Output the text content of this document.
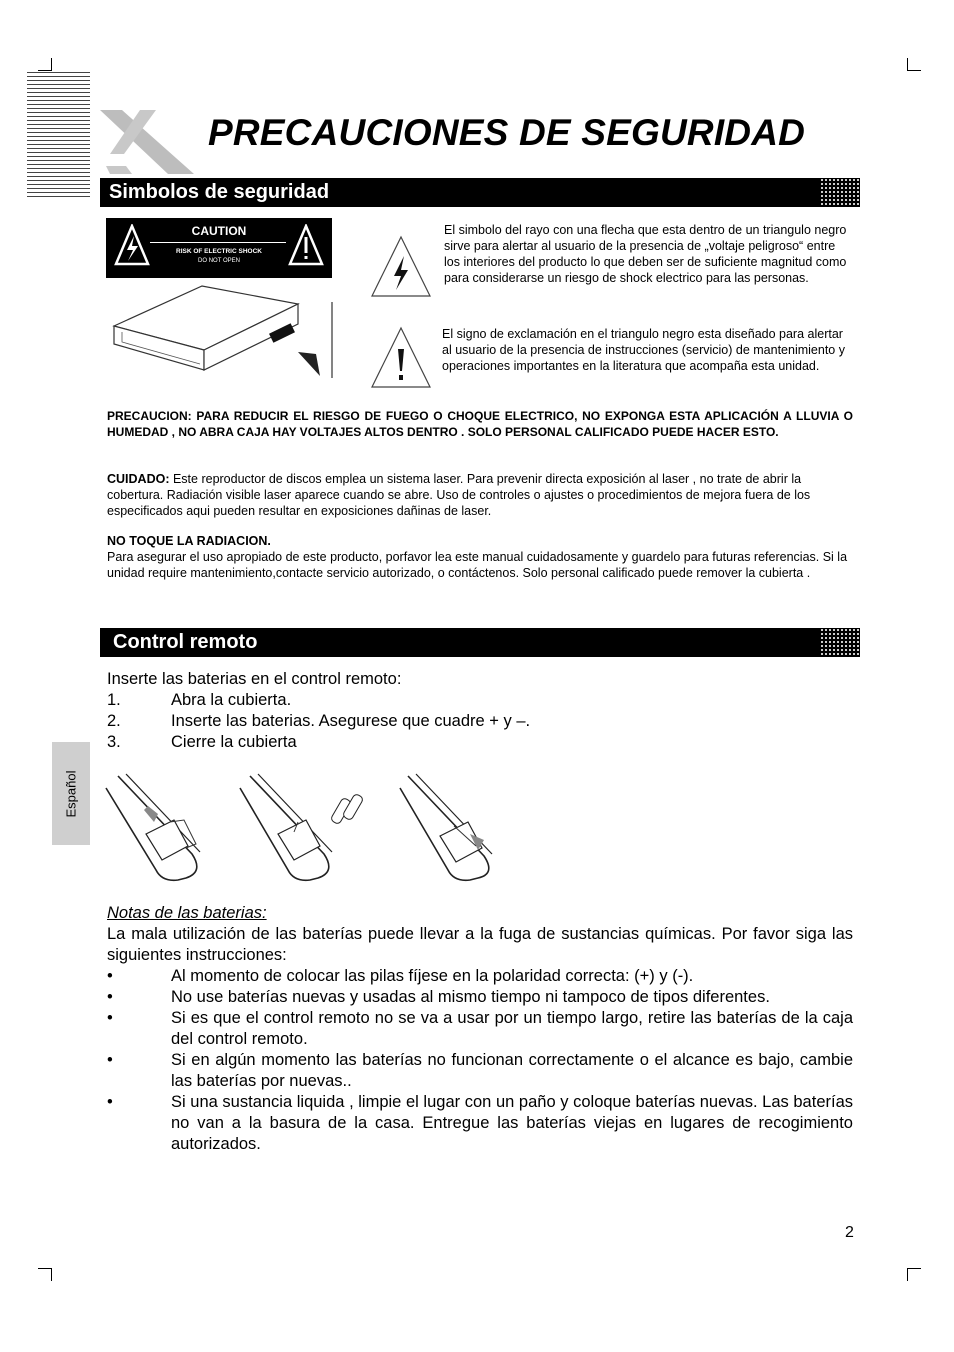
PRECAUCIONES DE SEGURIDAD
Simbolos de seguridad
CAUTION
RISK OF ELECTRIC SHOCK
DO NOT OPEN
El simbolo del rayo con una flecha que esta dentro de un triangulo negro sirve para alertar al usuario de la presencia de „voltaje peligroso“ entre los interiores del producto lo que deben ser de suficiente magnitud como para considerarse un riesgo de shock electrico para las personas.
El signo de exclamación en el triangulo negro esta diseñado para alertar al usuario de la presencia de instrucciones (servicio) de mantenimiento y operaciones importantes en la literatura que acompaña esta unidad.
PRECAUCION: PARA REDUCIR EL RIESGO DE FUEGO O CHOQUE ELECTRICO, NO EXPONGA ESTA APLICACIÓN A LLUVIA O HUMEDAD , NO ABRA CAJA HAY VOLTAJES ALTOS DENTRO . SOLO PERSONAL CALIFICADO PUEDE HACER ESTO.
CUIDADO: Este reproductor de discos emplea un sistema laser. Para prevenir directa exposición al laser , no trate de abrir la cobertura. Radiación visible laser aparece cuando se abre. Uso de controles o ajustes o procedimientos de mejora fuera de los especificados aqui pueden resultar en exposiciones dañinas de laser.
NO TOQUE LA RADIACION.
Para asegurar el uso apropiado de este producto, porfavor lea este manual cuidadosamente y guardelo para futuras referencias. Si la unidad require mantenimiento,contacte servicio autorizado, o contáctenos. Solo personal calificado puede remover la cubierta .
Control remoto
Inserte las baterias en el control remoto:
1.	Abra la cubierta.
2.	Inserte las baterias. Asegurese que cuadre + y –.
3.	Cierre la cubierta
Notas de las baterias:
La mala utilización de las baterías puede llevar a la fuga de sustancias químicas. Por favor siga las siguientes instrucciones:
•	Al momento de colocar las pilas fíjese en la polaridad correcta: (+) y (-).
•	No use baterías nuevas y usadas al mismo tiempo ni tampoco de tipos diferentes.
•	Si es que el control remoto no se va a usar por un tiempo largo, retire las baterías de la caja del control remoto.
•	Si en algún momento las baterías no funcionan correctamente o el alcance es bajo, cambie las baterías por nuevas..
•	Si una sustancia liquida , limpie el lugar con un paño y coloque baterías nuevas. Las baterías no van a la basura de la casa. Entregue las baterías viejas en lugares de recogimiento autorizados.
Español
2
